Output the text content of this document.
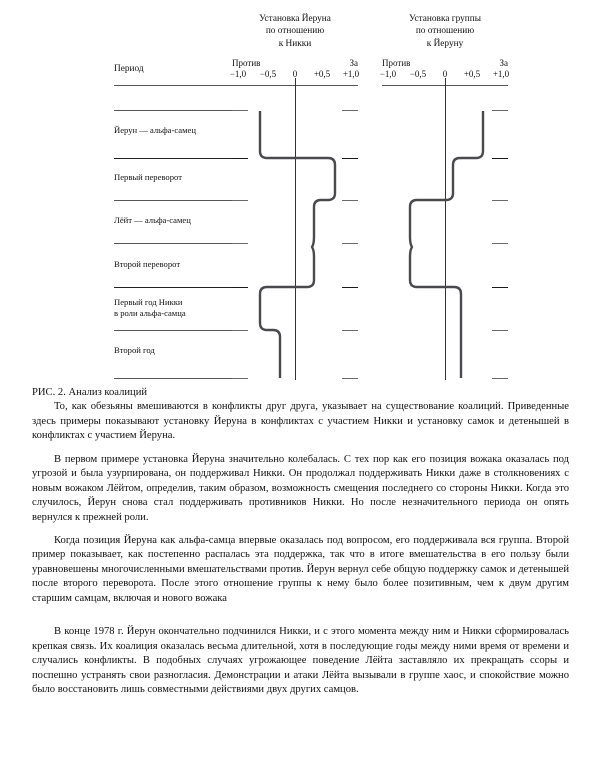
Установка Йеруна
по отношению
к Никки
Установка группы
по отношению
к Йеруну
Период
Против	За
−1,0 −0,5 0 +0,5 +1,0
Против	За
−1,0 −0,5 0 +0,5 +1,0
Йерун — альфа-самец
Первый переворот
Лёйт — альфа-самец
Второй переворот
Первый год Никки
в роли альфа-самца
Второй год
РИС. 2. Анализ коалиций

То, как обезьяны вмешиваются в конфликты друг друга, указывает на существование коалиций. Приведенные здесь примеры показывают установку Йеруна в конфликтах с участием Никки и установку самок и детенышей в конфликтах с участием Йеруна.

В первом примере установка Йеруна значительно колебалась. С тех пор как его позиция вожака оказалась под угрозой и была узурпирована, он поддерживал Никки. Он продолжал поддерживать Никки даже в столкновениях с новым вожаком Лёйтом, определив, таким образом, возможность смещения последнего со стороны Никки. Когда это случилось, Йерун снова стал поддерживать противников Никки. Но после незначительного периода он опять вернулся к прежней роли.

Когда позиция Йеруна как альфа-самца впервые оказалась под вопросом, его поддерживала вся группа. Второй пример показывает, как постепенно распалась эта поддержка, так что в итоге вмешательства в его пользу были уравновешены многочисленными вмешательствами против. Йерун вернул себе общую поддержку самок и детенышей после второго переворота. После этого отношение группы к нему было более позитивным, чем к двум другим старшим самцам, включая и нового вожака

В конце 1978 г. Йерун окончательно подчинился Никки, и с этого момента между ним и Никки сформировалась крепкая связь. Их коалиция оказалась весьма длительной, хотя в последующие годы между ними время от времени и случались конфликты. В подобных случаях угрожающее поведение Лёйта заставляло их прекращать ссоры и поспешно устранять свои разногласия. Демонстрации и атаки Лёйта вызывали в группе хаос, и спокойствие можно было восстановить лишь совместными действиями двух других самцов.
